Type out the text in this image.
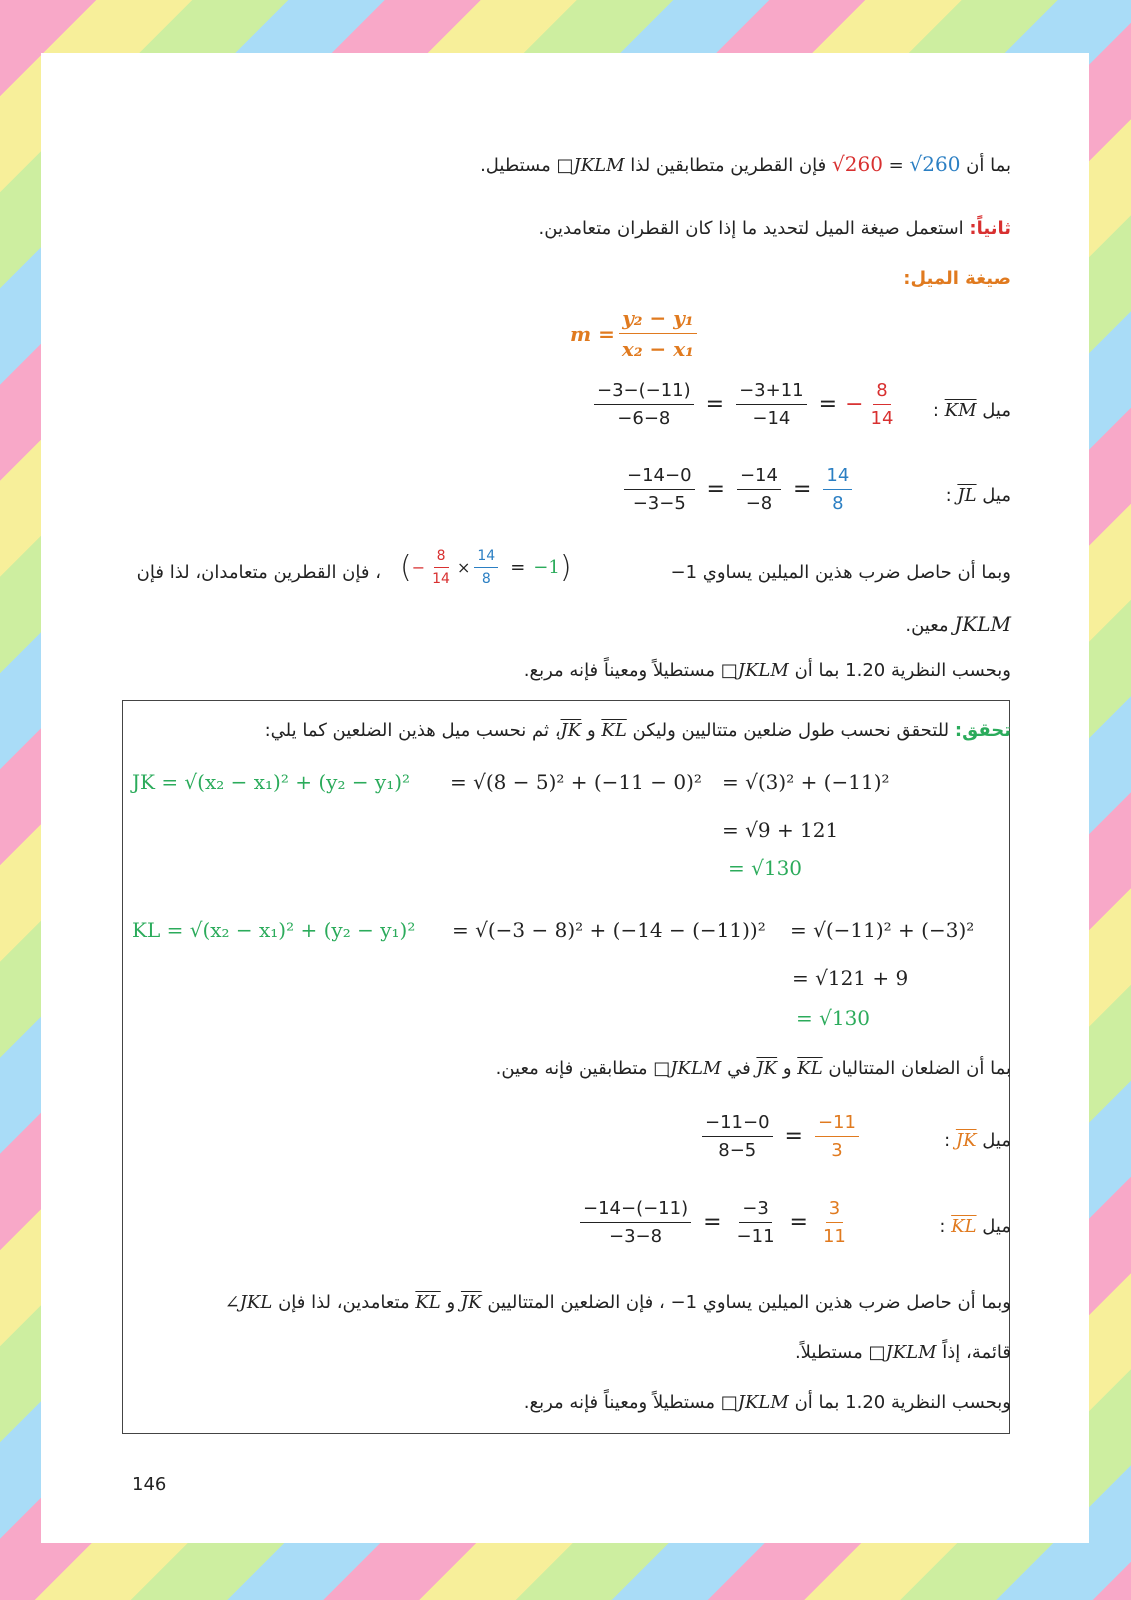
بما أن √260 = √260 فإن القطرين متطابقين لذا □JKLM مستطيل.
ثانياً: استعمل صيغة الميل لتحديد ما إذا كان القطران متعامدين.
صيغة الميل:
$m = \frac{\text{y₂ − y₁}}{\text{x₂ − x₁}}$
$\frac{-3-(-11)}{-6-8} = \frac{-3+11}{-14}$ = − $\frac{8}{14}$	ميل $\overline{KM}$ :
$\frac{-14-0}{-3-5} = \frac{-14}{-8} = \frac{14}{8}$	ميل $\overline{JL}$ :
وبما أن حاصل ضرب هذين الميلين يساوي 1−
( − $\frac{8}{14} \times \frac{14}{8} = -1$ )
، فإن القطرين متعامدان، لذا فإن
JKLM معين.
وبحسب النظرية 1.20 بما أن □JKLM مستطيلاً ومعيناً فإنه مربع.
تحقق: للتحقق نحسب طول ضلعين متتاليين وليكن $\overline{KL}$ و $\overline{JK}،$ ثم نحسب ميل هذين الضلعين كما يلي:
JK = √(x₂ − x₁)² + (y₂ − y₁)² = √(8 − 5)² + (−11 − 0)² = √(3)² + (−11)²
= √9 + 121
= √130
KL = √(x₂ − x₁)² + (y₂ − y₁)² = √(−3 − 8)² + (−14 − (−11))² = √(−11)² + (−3)²
= √121 + 9
= √130
بما أن الضلعان المتتاليان $\overline{KL}$ و $\overline{JK}$ في □JKLM متطابقين فإنه معين.
$\frac{-11-0}{8-5} = \frac{-11}{3}$	ميل $\overline{JK}$ :
$\frac{-14-(-11)}{-3-8} = \frac{-3}{-11} = \frac{3}{11}$	ميل $\overline{KL}$ :
وبما أن حاصل ضرب هذين الميلين يساوي 1− ، فإن الضلعين المتتاليين $\overline{JK}$ و $\overline{KL}$ متعامدين، لذا فإن ∠JKL
قائمة، إذاً □JKLM مستطيلاً.
وبحسب النظرية 1.20 بما أن □JKLM مستطيلاً ومعيناً فإنه مربع.
146
